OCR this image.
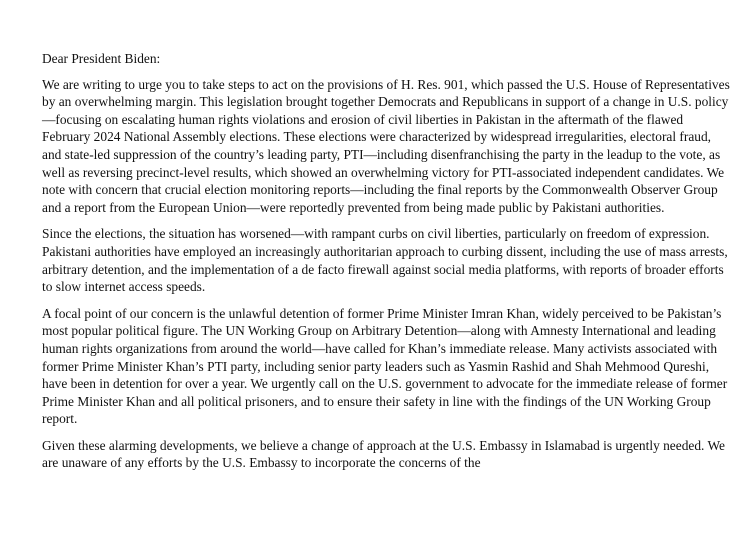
Dear President Biden:

We are writing to urge you to take steps to act on the provisions of H. Res. 901, which passed the U.S. House of Representatives by an overwhelming margin. This legislation brought together Democrats and Republicans in support of a change in U.S. policy—focusing on escalating human rights violations and erosion of civil liberties in Pakistan in the aftermath of the flawed February 2024 National Assembly elections. These elections were characterized by widespread irregularities, electoral fraud, and state-led suppression of the country’s leading party, PTI—including disenfranchising the party in the leadup to the vote, as well as reversing precinct-level results, which showed an overwhelming victory for PTI-associated independent candidates. We note with concern that crucial election monitoring reports—including the final reports by the Commonwealth Observer Group and a report from the European Union—were reportedly prevented from being made public by Pakistani authorities.

Since the elections, the situation has worsened—with rampant curbs on civil liberties, particularly on freedom of expression. Pakistani authorities have employed an increasingly authoritarian approach to curbing dissent, including the use of mass arrests, arbitrary detention, and the implementation of a de facto firewall against social media platforms, with reports of broader efforts to slow internet access speeds.

A focal point of our concern is the unlawful detention of former Prime Minister Imran Khan, widely perceived to be Pakistan’s most popular political figure. The UN Working Group on Arbitrary Detention—along with Amnesty International and leading human rights organizations from around the world—have called for Khan’s immediate release. Many activists associated with former Prime Minister Khan’s PTI party, including senior party leaders such as Yasmin Rashid and Shah Mehmood Qureshi, have been in detention for over a year. We urgently call on the U.S. government to advocate for the immediate release of former Prime Minister Khan and all political prisoners, and to ensure their safety in line with the findings of the UN Working Group report.

Given these alarming developments, we believe a change of approach at the U.S. Embassy in Islamabad is urgently needed. We are unaware of any efforts by the U.S. Embassy to incorporate the concerns of the
